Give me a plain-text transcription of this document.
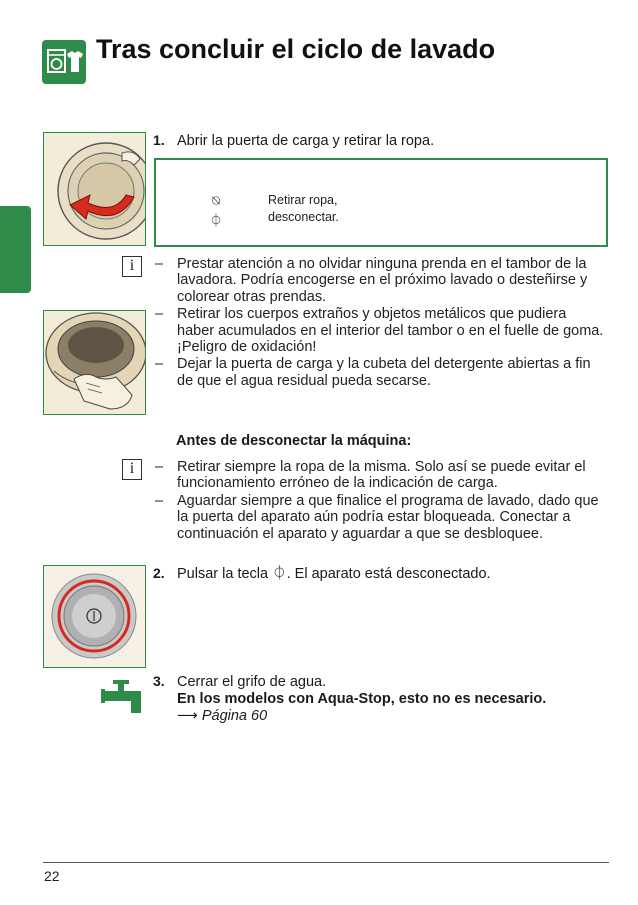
Tras concluir el ciclo de lavado
1. Abrir la puerta de carga y retirar la ropa.
⍉	Retirar ropa,
⏀	desconectar.
i	– Prestar atención a no olvidar ninguna prenda en el tambor de la lavadora. Podría encogerse en el próximo lavado o desteñirse y colorear otras prendas.
– Retirar los cuerpos extraños y objetos metálicos que pudiera haber acumulados en el interior del tambor o en el fuelle de goma. ¡Peligro de oxidación!
– Dejar la puerta de carga y la cubeta del detergente abiertas a fin de que el agua residual pueda secarse.
Antes de desconectar la máquina:
i	– Retirar siempre la ropa de la misma. Solo así se puede evitar el funcionamiento erróneo de la indicación de carga.
– Aguardar siempre a que finalice el programa de lavado, dado que la puerta del aparato aún podría estar bloqueada. Conectar a continuación el aparato y aguardar a que se desbloquee.
2. Pulsar la tecla ⏀. El aparato está desconectado.
3. Cerrar el grifo de agua.
En los modelos con Aqua-Stop, esto no es necesario.
⟶ Página 60
22
